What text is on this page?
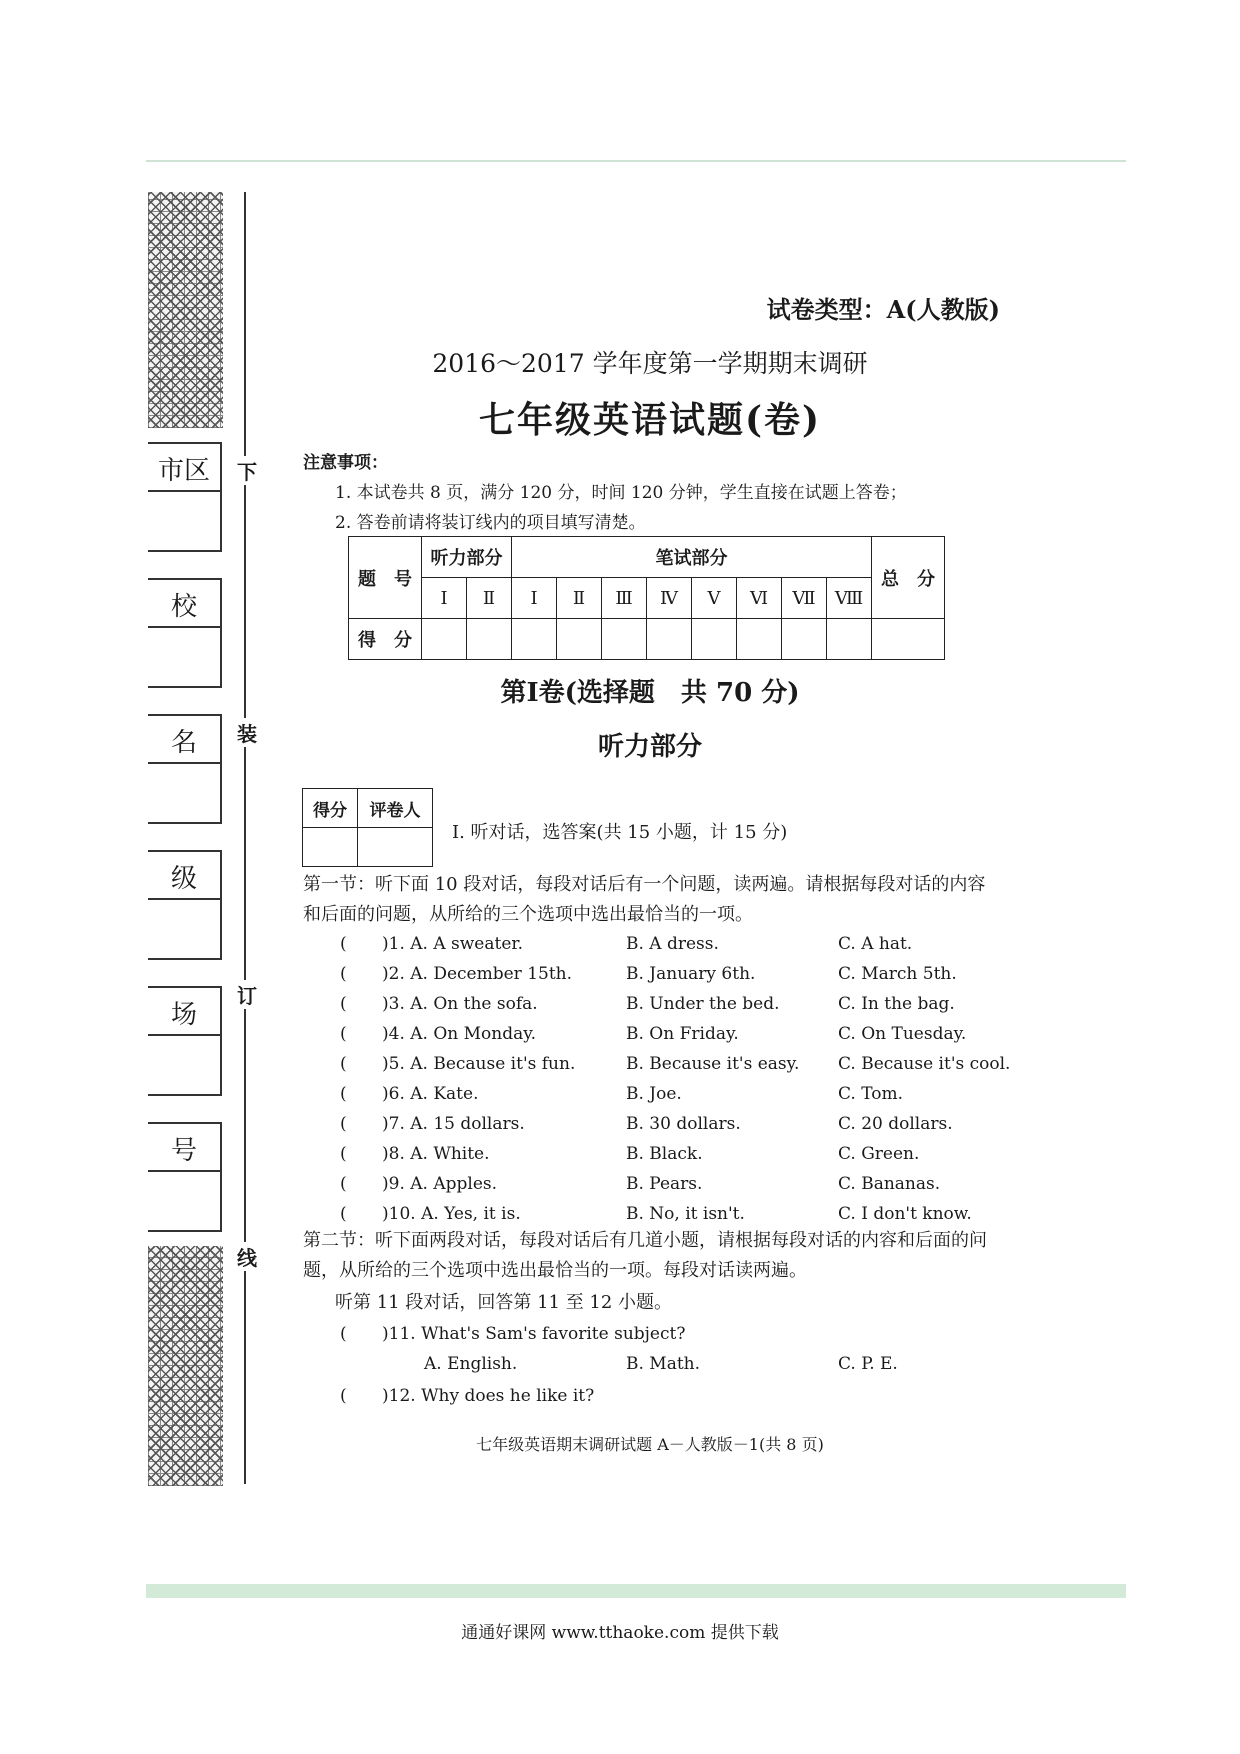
下
装
订
线
市区
校
名
级
场
号
试卷类型：A(人教版)
2016～2017 学年度第一学期期末调研
七年级英语试题(卷)
注意事项：
1. 本试卷共 8 页，满分 120 分，时间 120 分钟，学生直接在试题上答卷；
2. 答卷前请将装订线内的项目填写清楚。
题　号	听力部分		笔试部分								总　分
	Ⅰ	Ⅱ	Ⅰ	Ⅱ	Ⅲ	Ⅳ	Ⅴ	Ⅵ	Ⅶ	Ⅷ	
得　分											
第Ⅰ卷(选择题　共 70 分)
听力部分
得分	评卷人

Ⅰ. 听对话，选答案(共 15 小题，计 15 分)
第一节：听下面 10 段对话，每段对话后有一个问题，读两遍。请根据每段对话的内容和后面的问题，从所给的三个选项中选出最恰当的一项。
( )1. A. A sweater.	B. A dress.	C. A hat.
( )2. A. December 15th.	B. January 6th.	C. March 5th.
( )3. A. On the sofa.	B. Under the bed.	C. In the bag.
( )4. A. On Monday.	B. On Friday.	C. On Tuesday.
( )5. A. Because it's fun.	B. Because it's easy. C. Because it's cool.
( )6. A. Kate.	B. Joe.	C. Tom.
( )7. A. 15 dollars.	B. 30 dollars.	C. 20 dollars.
( )8. A. White.	B. Black.	C. Green.
( )9. A. Apples.	B. Pears.	C. Bananas.
( )10. A. Yes, it is.	B. No, it isn't.	C. I don't know.
第二节：听下面两段对话，每段对话后有几道小题，请根据每段对话的内容和后面的问题，从所给的三个选项中选出最恰当的一项。每段对话读两遍。
听第 11 段对话，回答第 11 至 12 小题。
( )11. What's Sam's favorite subject?
A. English.	B. Math.	C. P. E.
( )12. Why does he like it?
七年级英语期末调研试题 A－人教版－1(共 8 页)
通通好课网 www.tthaoke.com 提供下载
